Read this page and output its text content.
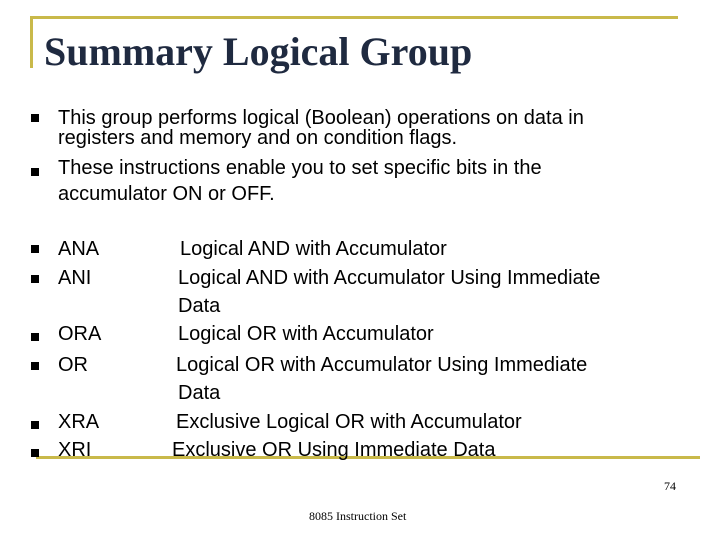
Summary Logical Group
This group performs logical (Boolean) operations on data in
registers and memory and on condition flags.
These instructions enable you to set specific bits in the
accumulator ON or OFF.
ANA	Logical AND with Accumulator
ANI	Logical AND with Accumulator Using Immediate
Data
ORA	Logical OR with Accumulator
OR	Logical OR with Accumulator Using Immediate
Data
XRA	Exclusive Logical OR with Accumulator
XRI	Exclusive OR Using Immediate Data
8085 Instruction Set
74
